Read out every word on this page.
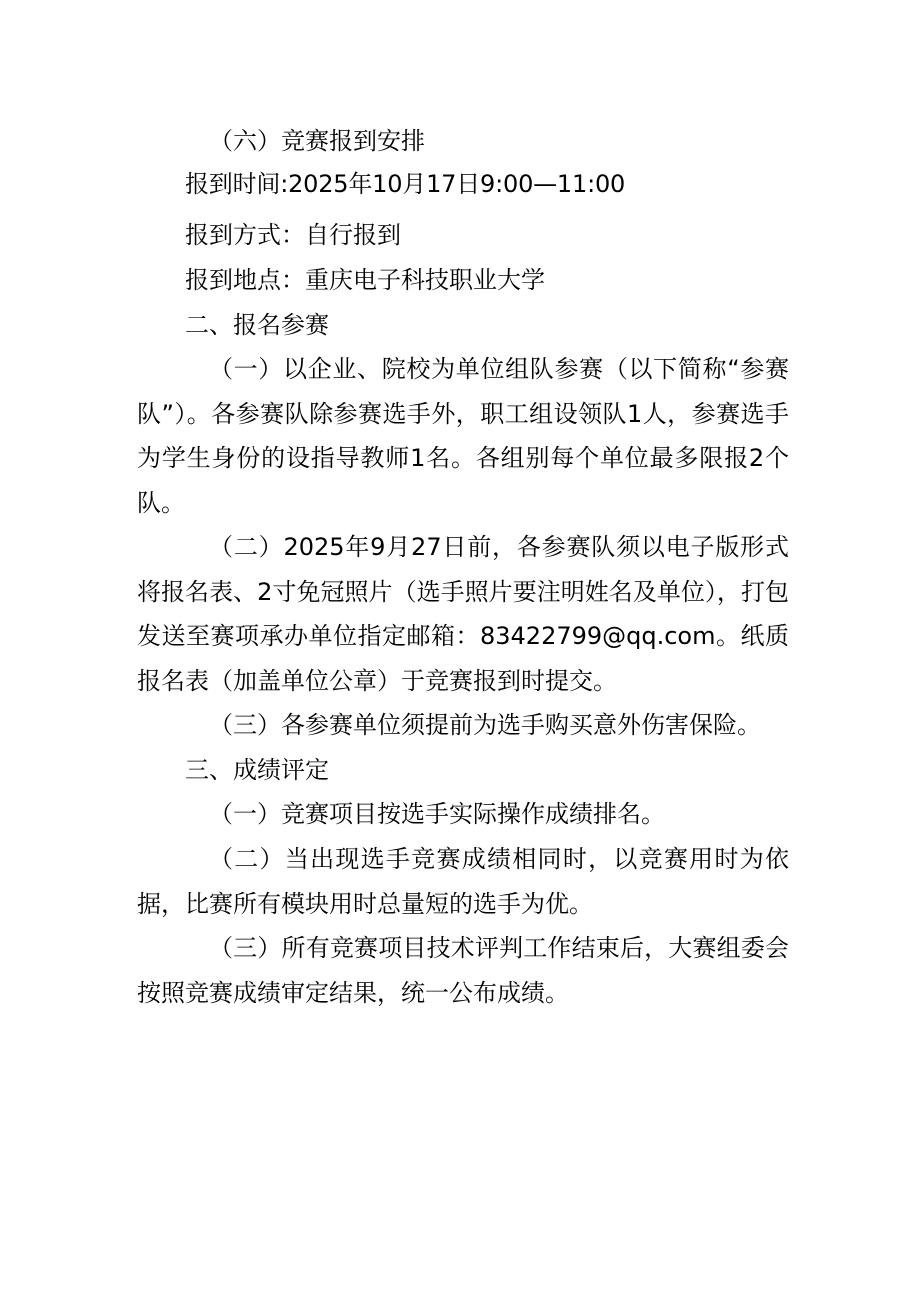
（六）竞赛报到安排
报到时间:2025年10月17日9:00—11:00
报到方式：自行报到
报到地点：重庆电子科技职业大学
二、报名参赛
（一）以企业、院校为单位组队参赛（以下简称“参赛队”）。各参赛队除参赛选手外，职工组设领队1人，参赛选手为学生身份的设指导教师1名。各组别每个单位最多限报2个队。
（二）2025年9月27日前，各参赛队须以电子版形式将报名表、2寸免冠照片（选手照片要注明姓名及单位），打包发送至赛项承办单位指定邮箱：83422799@qq.com。纸质报名表（加盖单位公章）于竞赛报到时提交。
（三）各参赛单位须提前为选手购买意外伤害保险。
三、成绩评定
（一）竞赛项目按选手实际操作成绩排名。
（二）当出现选手竞赛成绩相同时，以竞赛用时为依据，比赛所有模块用时总量短的选手为优。
（三）所有竞赛项目技术评判工作结束后，大赛组委会按照竞赛成绩审定结果，统一公布成绩。
